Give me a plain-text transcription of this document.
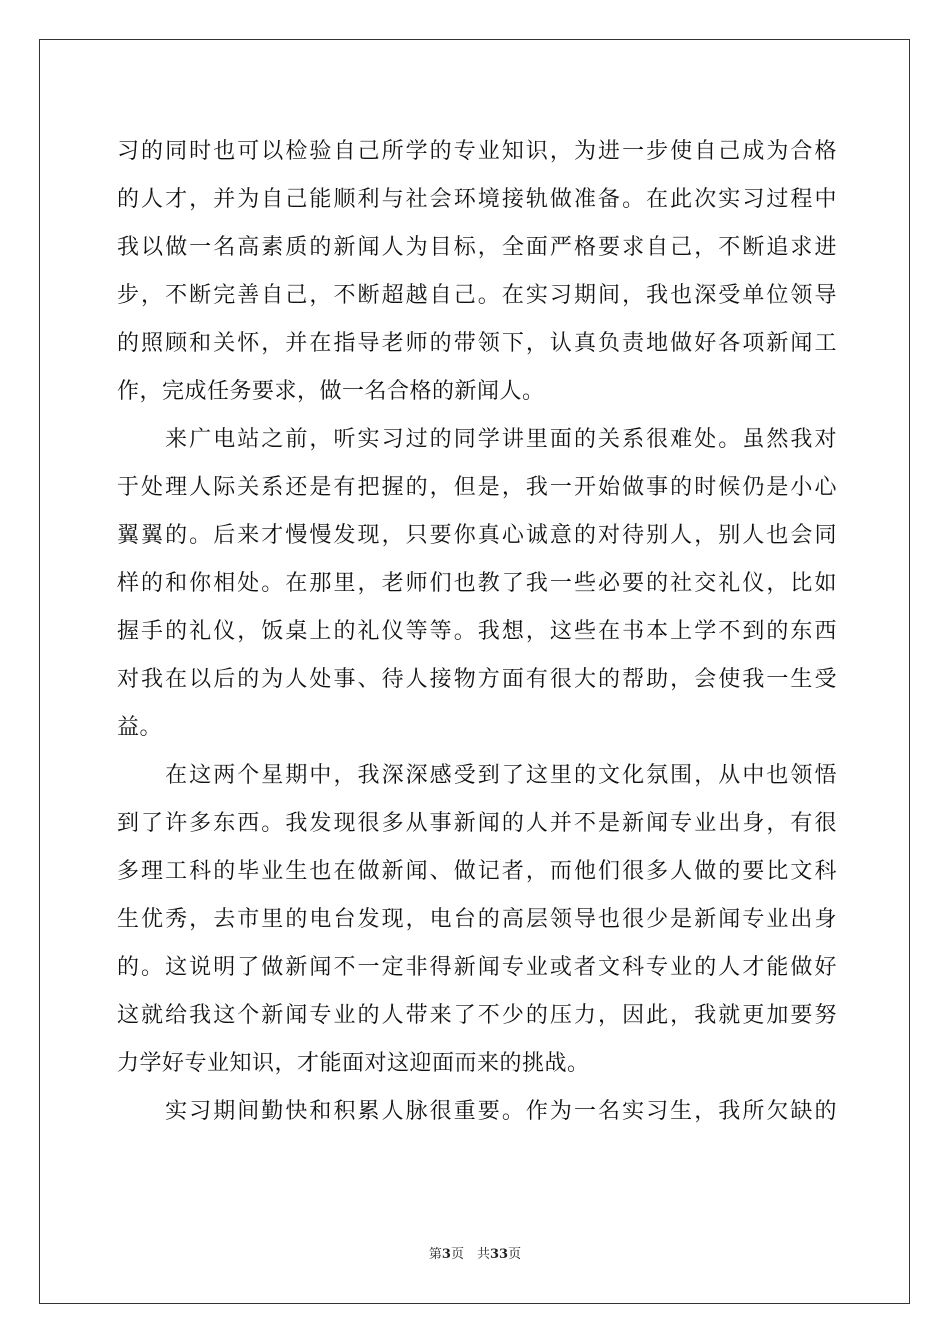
习的同时也可以检验自己所学的专业知识，为进一步使自己成为合格
的人才，并为自己能顺利与社会环境接轨做准备。在此次实习过程中
我以做一名高素质的新闻人为目标，全面严格要求自己，不断追求进
步，不断完善自己，不断超越自己。在实习期间，我也深受单位领导
的照顾和关怀，并在指导老师的带领下，认真负责地做好各项新闻工
作，完成任务要求，做一名合格的新闻人。
　　来广电站之前，听实习过的同学讲里面的关系很难处。虽然我对
于处理人际关系还是有把握的，但是，我一开始做事的时候仍是小心
翼翼的。后来才慢慢发现，只要你真心诚意的对待别人，别人也会同
样的和你相处。在那里，老师们也教了我一些必要的社交礼仪，比如
握手的礼仪，饭桌上的礼仪等等。我想，这些在书本上学不到的东西
对我在以后的为人处事、待人接物方面有很大的帮助，会使我一生受
益。
　　在这两个星期中，我深深感受到了这里的文化氛围，从中也领悟
到了许多东西。我发现很多从事新闻的人并不是新闻专业出身，有很
多理工科的毕业生也在做新闻、做记者，而他们很多人做的要比文科
生优秀，去市里的电台发现，电台的高层领导也很少是新闻专业出身
的。这说明了做新闻不一定非得新闻专业或者文科专业的人才能做好
这就给我这个新闻专业的人带来了不少的压力，因此，我就更加要努
力学好专业知识，才能面对这迎面而来的挑战。
　　实习期间勤快和积累人脉很重要。作为一名实习生，我所欠缺的
第3页　共33页
